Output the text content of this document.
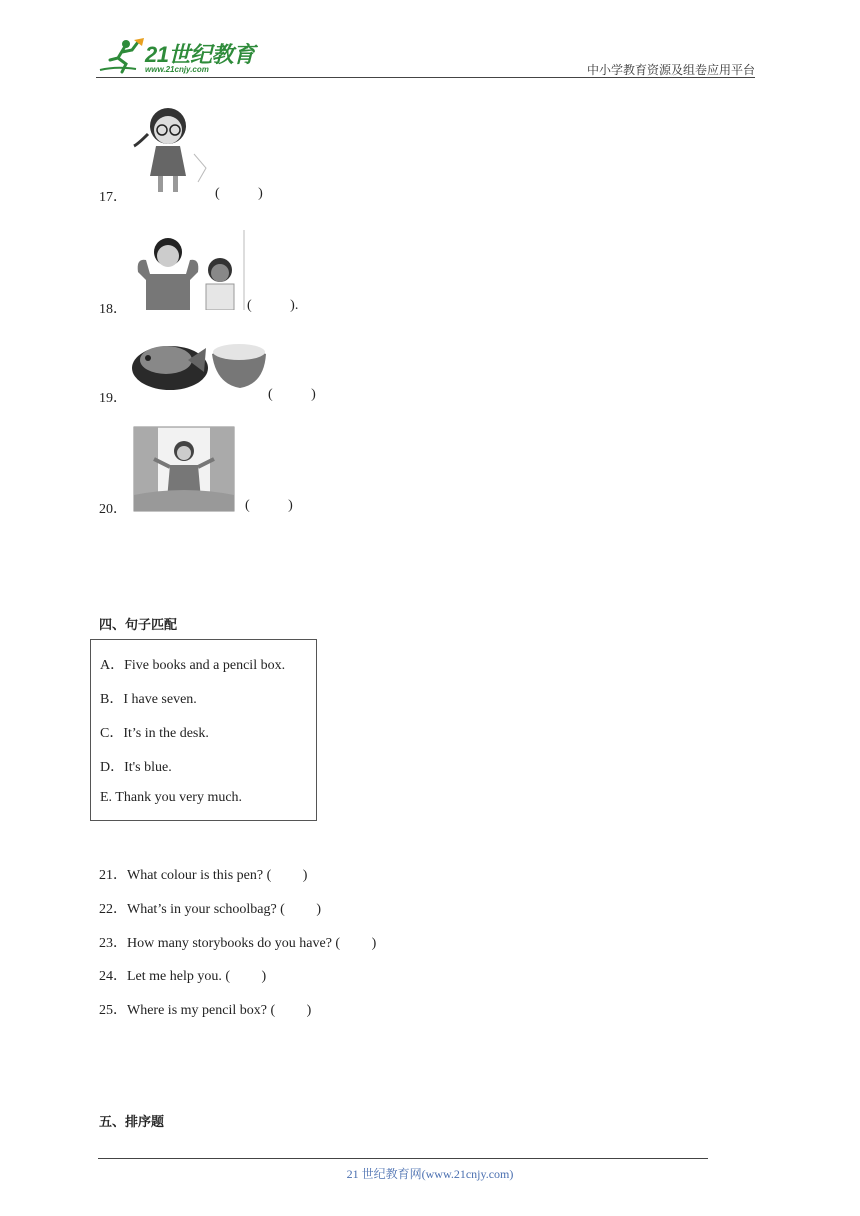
21世纪教育
www.21cnjy.com	中小学教育资源及组卷应用平台
17．	(           )
18．	(           ).
19．	(           )
20．	(           )
四、句子匹配
A．Five books and a pencil box.
B．I have seven.
C．It’s in the desk.
D．It's blue.
E. Thank you very much.
21．What colour is this pen? (         )
22．What’s in your schoolbag? (         )
23．How many storybooks do you have? (         )
24．Let me help you. (         )
25．Where is my pencil box? (         )
五、排序题
21 世纪教育网(www.21cnjy.com)
